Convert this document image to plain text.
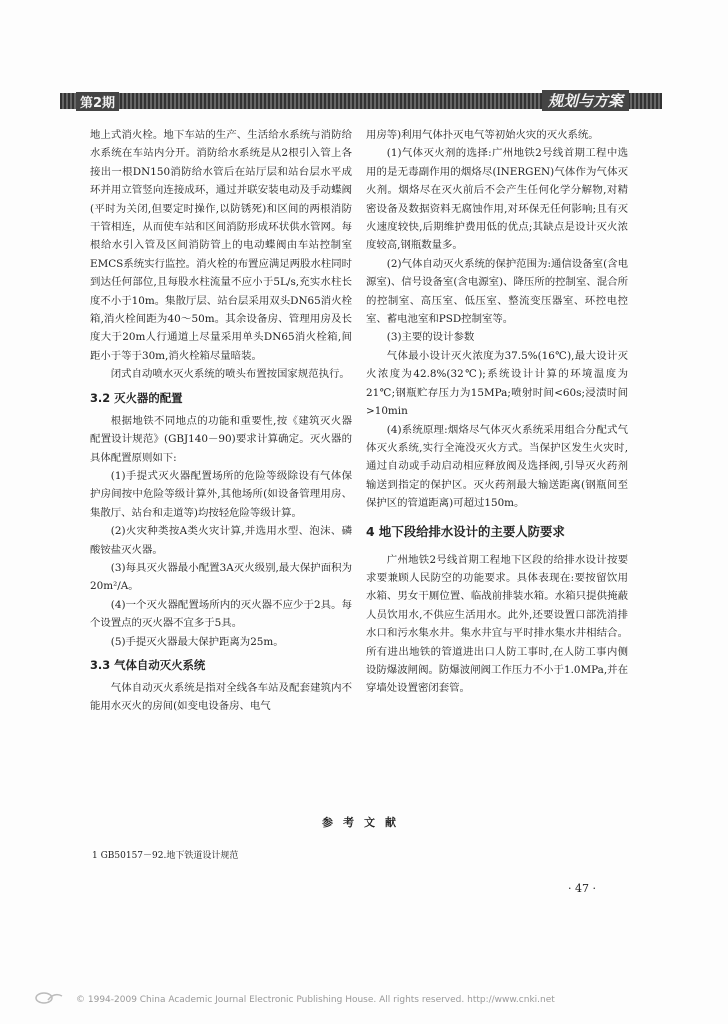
第2期	规划与方案

地上式消火栓。地下车站的生产、生活给水系统与消防给水系统在车站内分开。消防给水系统是从2根引入管上各接出一根DN150消防给水管后在站厅层和站台层水平成环并用立管竖向连接成环，通过并联安装电动及手动蝶阀(平时为关闭,但要定时操作,以防锈死)和区间的两根消防干管相连，从而使车站和区间消防形成环状供水管网。每根给水引入管及区间消防管上的电动蝶阀由车站控制室EMCS系统实行监控。消火栓的布置应满足两股水柱同时到达任何部位,且每股水柱流量不应小于5L/s,充实水柱长度不小于10m。集散厅层、站台层采用双头DN65消火栓箱,消火栓间距为40～50m。其余设备房、管理用房及长度大于20m人行通道上尽量采用单头DN65消火栓箱,间距小于等于30m,消火栓箱尽量暗装。

闭式自动喷水灭火系统的喷头布置按国家规范执行。

3.2 灭火器的配置

根据地铁不同地点的功能和重要性,按《建筑灭火器配置设计规范》(GBJ140－90)要求计算确定。灭火器的具体配置原则如下:

(1)手提式灭火器配置场所的危险等级除设有气体保护房间按中危险等级计算外,其他场所(如设备管理用房、集散厅、站台和走道等)均按轻危险等级计算。

(2)火灾种类按A类火灾计算,并选用水型、泡沫、磷酸铵盐灭火器。

(3)每具灭火器最小配置3A灭火级别,最大保护面积为20m²/A。

(4)一个灭火器配置场所内的灭火器不应少于2具。每个设置点的灭火器不宜多于5具。

(5)手提灭火器最大保护距离为25m。

3.3 气体自动灭火系统

气体自动灭火系统是指对全线各车站及配套建筑内不能用水灭火的房间(如变电设备房、电气

用房等)利用气体扑灭电气等初始火灾的灭火系统。

(1)气体灭火剂的选择:广州地铁2号线首期工程中选用的是无毒副作用的烟烙尽(INERGEN)气体作为气体灭火剂。烟烙尽在灭火前后不会产生任何化学分解物,对精密设备及数据资料无腐蚀作用,对环保无任何影响;且有灭火速度较快,后期维护费用低的优点;其缺点是设计灭火浓度较高,钢瓶数量多。

(2)气体自动灭火系统的保护范围为:通信设备室(含电源室)、信号设备室(含电源室)、降压所的控制室、混合所的控制室、高压室、低压室、整流变压器室、环控电控室、蓄电池室和PSD控制室等。

(3)主要的设计参数

气体最小设计灭火浓度为37.5%(16℃),最大设计灭火浓度为42.8%(32℃);系统设计计算的环境温度为21℃;钢瓶贮存压力为15MPa;喷射时间<60s;浸渍时间>10min

(4)系统原理:烟烙尽气体灭火系统采用组合分配式气体灭火系统,实行全淹没灭火方式。当保护区发生火灾时,通过自动或手动启动相应释放阀及选择阀,引导灭火药剂输送到指定的保护区。灭火药剂最大输送距离(钢瓶间至保护区的管道距离)可超过150m。

4 地下段给排水设计的主要人防要求

广州地铁2号线首期工程地下区段的给排水设计按要求要兼顾人民防空的功能要求。具体表现在:要按留饮用水箱、男女干厕位置、临战前排装水箱。水箱只提供掩蔽人员饮用水,不供应生活用水。此外,还要设置口部洗消排水口和污水集水井。集水井宜与平时排水集水井相结合。所有进出地铁的管道进出口人防工事时,在人防工事内侧设防爆波闸阀。防爆波闸阀工作压力不小于1.0MPa,并在穿墙处设置密闭套管。

参考文献
1 GB50157－92.地下铁道设计规范
· 47 ·
© 1994-2009 China Academic Journal Electronic Publishing House. All rights reserved. http://www.cnki.net
